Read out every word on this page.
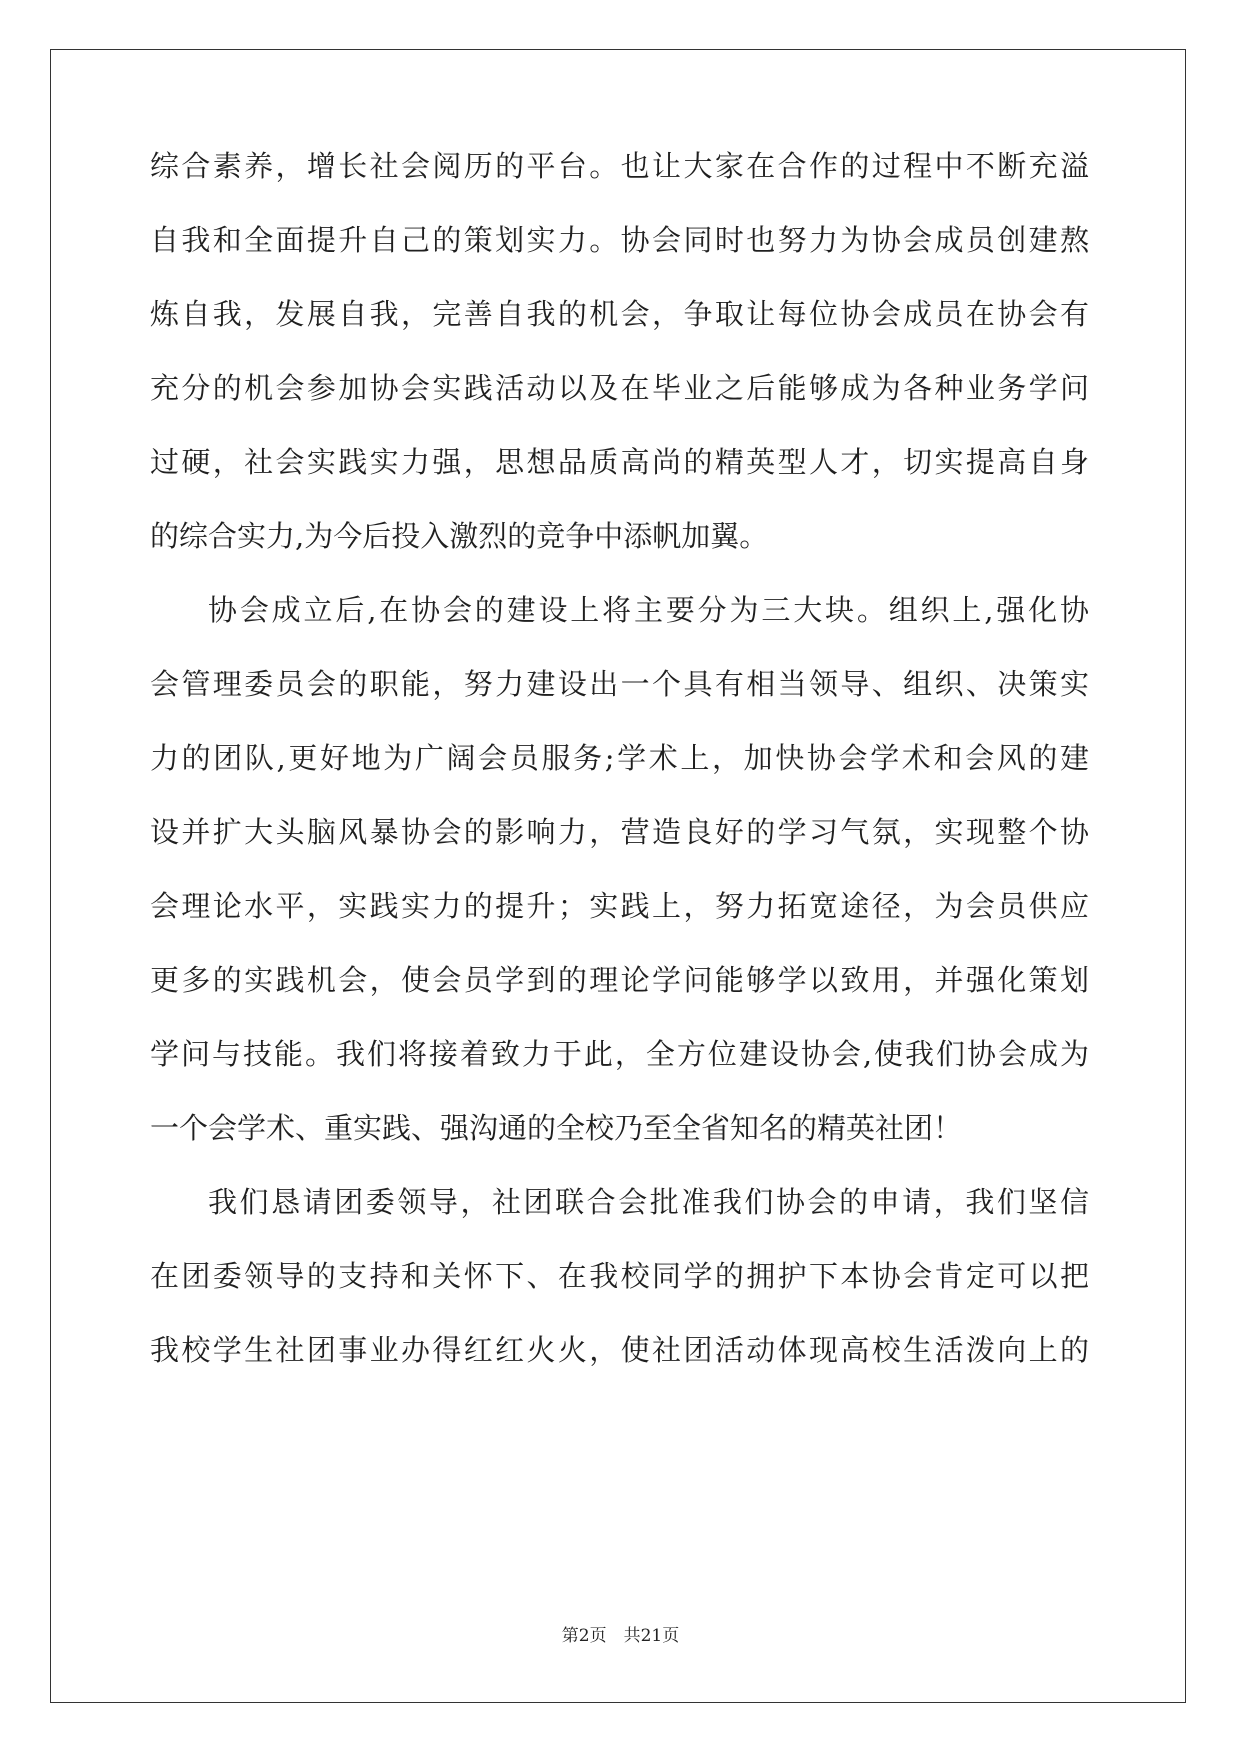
综合素养，增长社会阅历的平台。也让大家在合作的过程中不断充溢
自我和全面提升自己的策划实力。协会同时也努力为协会成员创建熬
炼自我，发展自我，完善自我的机会，争取让每位协会成员在协会有
充分的机会参加协会实践活动以及在毕业之后能够成为各种业务学问
过硬，社会实践实力强，思想品质高尚的精英型人才，切实提高自身
的综合实力,为今后投入激烈的竞争中添帆加翼。
协会成立后,在协会的建设上将主要分为三大块。组织上,强化协
会管理委员会的职能，努力建设出一个具有相当领导、组织、决策实
力的团队,更好地为广阔会员服务;学术上，加快协会学术和会风的建
设并扩大头脑风暴协会的影响力，营造良好的学习气氛，实现整个协
会理论水平，实践实力的提升；实践上，努力拓宽途径，为会员供应
更多的实践机会，使会员学到的理论学问能够学以致用，并强化策划
学问与技能。我们将接着致力于此，全方位建设协会,使我们协会成为
一个会学术、重实践、强沟通的全校乃至全省知名的精英社团！
我们恳请团委领导，社团联合会批准我们协会的申请，我们坚信
在团委领导的支持和关怀下、在我校同学的拥护下本协会肯定可以把
我校学生社团事业办得红红火火，使社团活动体现高校生活泼向上的
第2页　共21页
